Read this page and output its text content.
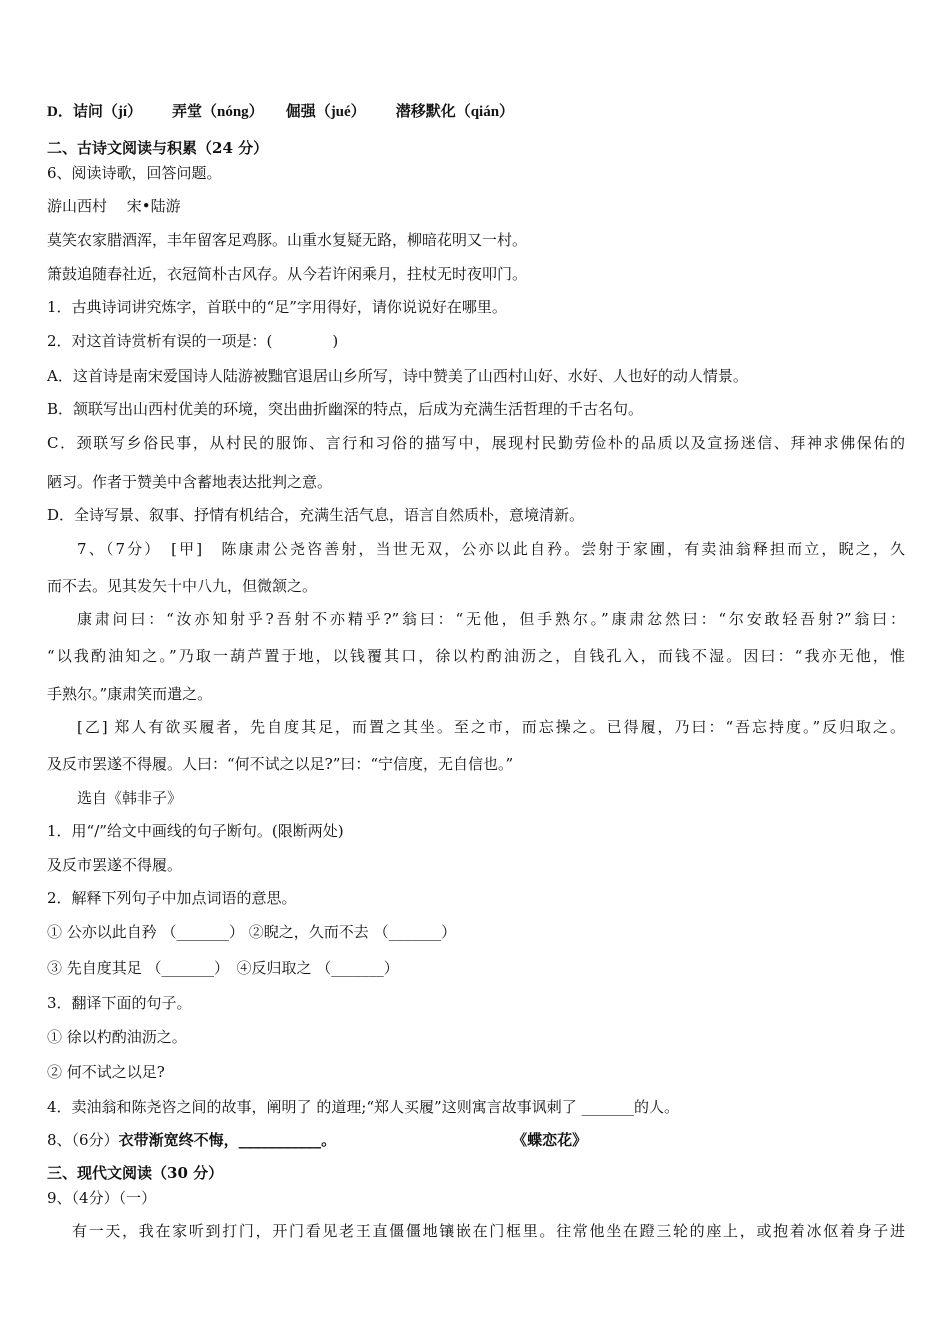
D．诘问（jí） 弄堂（nóng） 倔强（jué） 潜移默化（qián）
二、古诗文阅读与积累（24 分）
6、阅读诗歌，回答问题。
游山西村　 宋•陆游
莫笑农家腊酒浑，丰年留客足鸡豚。山重水复疑无路，柳暗花明又一村。
箫鼓追随春社近，衣冠简朴古风存。从今若许闲乘月，拄杖无时夜叩门。
1．古典诗词讲究炼字，首联中的“足”字用得好，请你说说好在哪里。
2．对这首诗赏析有误的一项是：(　　　　)
A．这首诗是南宋爱国诗人陆游被黜官退居山乡所写，诗中赞美了山西村山好、水好、人也好的动人情景。
B．颔联写出山西村优美的环境，突出曲折幽深的特点，后成为充满生活哲理的千古名句。
C．颈联写乡俗民事，从村民的服饰、言行和习俗的描写中，展现村民勤劳俭朴的品质以及宣扬迷信、拜神求佛保佑的
陋习。作者于赞美中含蓄地表达批判之意。
D．全诗写景、叙事、抒情有机结合，充满生活气息，语言自然质朴，意境清新。
7、（7分）　[甲]　陈康肃公尧咨善射，当世无双，公亦以此自矜。尝射于家圃，有卖油翁释担而立，睨之，久
而不去。见其发矢十中八九，但微颔之。
康肃问曰：“汝亦知射乎?吾射不亦精乎?”翁曰：“无他，但手熟尔。”康肃忿然曰：“尔安敢轻吾射?”翁曰：
“以我酌油知之。”乃取一葫芦置于地，以钱覆其口，徐以杓酌油沥之，自钱孔入，而钱不湿。因曰：“我亦无他，惟
手熟尔。”康肃笑而遣之。
[乙] 郑人有欲买履者，先自度其足，而置之其坐。至之市，而忘操之。已得履，乃曰：“吾忘持度。”反归取之。
及反市罢遂不得履。人曰：“何不试之以足?”曰：“宁信度，无自信也。”
选自《韩非子》
1．用“/”给文中画线的句子断句。(限断两处)
及反市罢遂不得履。
2．解释下列句子中加点词语的意思。
① 公亦以此自矜 （_______） ②睨之，久而不去 （_______）
③ 先自度其足 （_______）　④反归取之 （_______）
3．翻译下面的句子。
① 徐以杓酌油沥之。
② 何不试之以足?
4．卖油翁和陈尧咨之间的故事，阐明了 的道理;“郑人买履”这则寓言故事讽刺了 _______的人。
8、（6分）衣带渐宽终不悔，___________。	《蝶恋花》
三、现代文阅读（30 分）
9、（4分）（一）
有一天，我在家听到打门，开门看见老王直僵僵地镶嵌在门框里。往常他坐在蹬三轮的座上，或抱着冰伛着身子进
